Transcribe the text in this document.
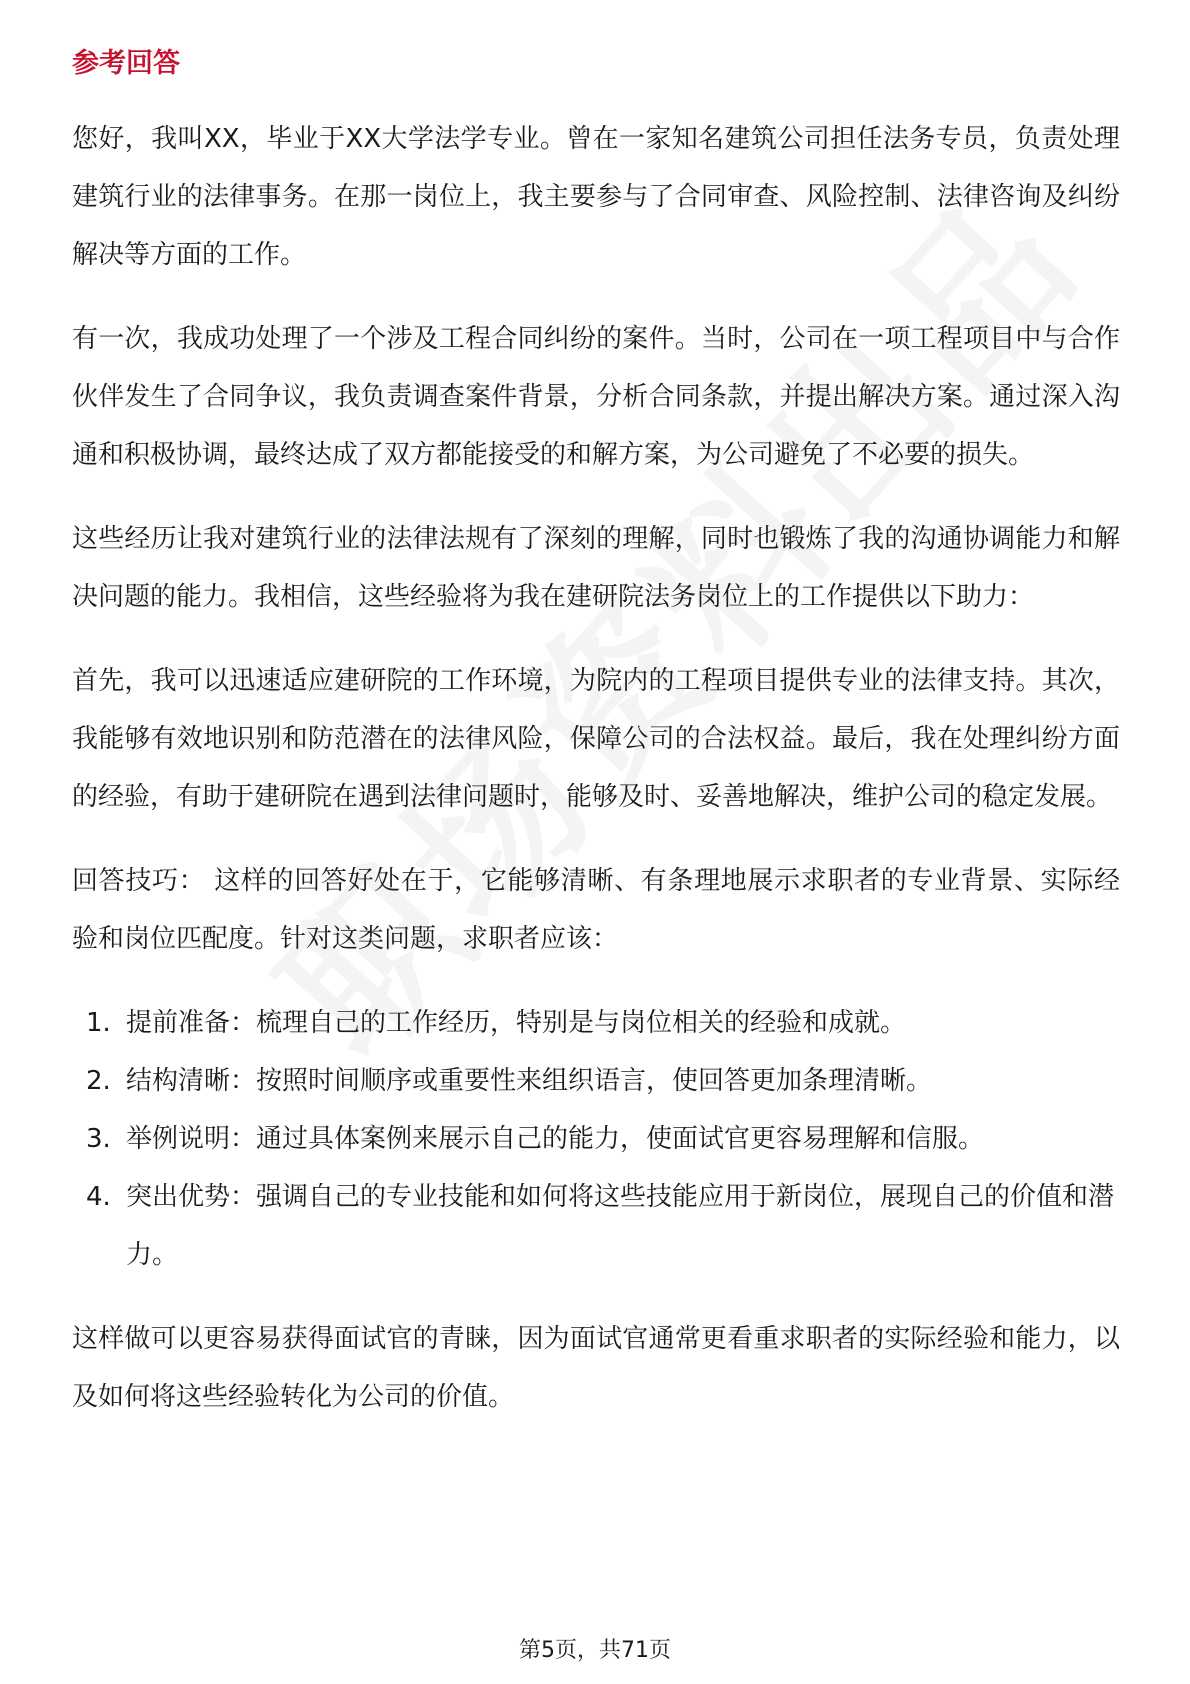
参考回答

您好，我叫XX，毕业于XX大学法学专业。曾在一家知名建筑公司担任法务专员，负责处理建筑行业的法律事务。在那一岗位上，我主要参与了合同审查、风险控制、法律咨询及纠纷解决等方面的工作。

有一次，我成功处理了一个涉及工程合同纠纷的案件。当时，公司在一项工程项目中与合作伙伴发生了合同争议，我负责调查案件背景，分析合同条款，并提出解决方案。通过深入沟通和积极协调，最终达成了双方都能接受的和解方案，为公司避免了不必要的损失。

这些经历让我对建筑行业的法律法规有了深刻的理解，同时也锻炼了我的沟通协调能力和解决问题的能力。我相信，这些经验将为我在建研院法务岗位上的工作提供以下助力：

首先，我可以迅速适应建研院的工作环境，为院内的工程项目提供专业的法律支持。其次，我能够有效地识别和防范潜在的法律风险，保障公司的合法权益。最后，我在处理纠纷方面的经验，有助于建研院在遇到法律问题时，能够及时、妥善地解决，维护公司的稳定发展。

回答技巧： 这样的回答好处在于，它能够清晰、有条理地展示求职者的专业背景、实际经验和岗位匹配度。针对这类问题，求职者应该：

1. 提前准备：梳理自己的工作经历，特别是与岗位相关的经验和成就。
2. 结构清晰：按照时间顺序或重要性来组织语言，使回答更加条理清晰。
3. 举例说明：通过具体案例来展示自己的能力，使面试官更容易理解和信服。
4. 突出优势：强调自己的专业技能和如何将这些技能应用于新岗位，展现自己的价值和潜力。

这样做可以更容易获得面试官的青睐，因为面试官通常更看重求职者的实际经验和能力，以及如何将这些经验转化为公司的价值。

第5页，共71页
